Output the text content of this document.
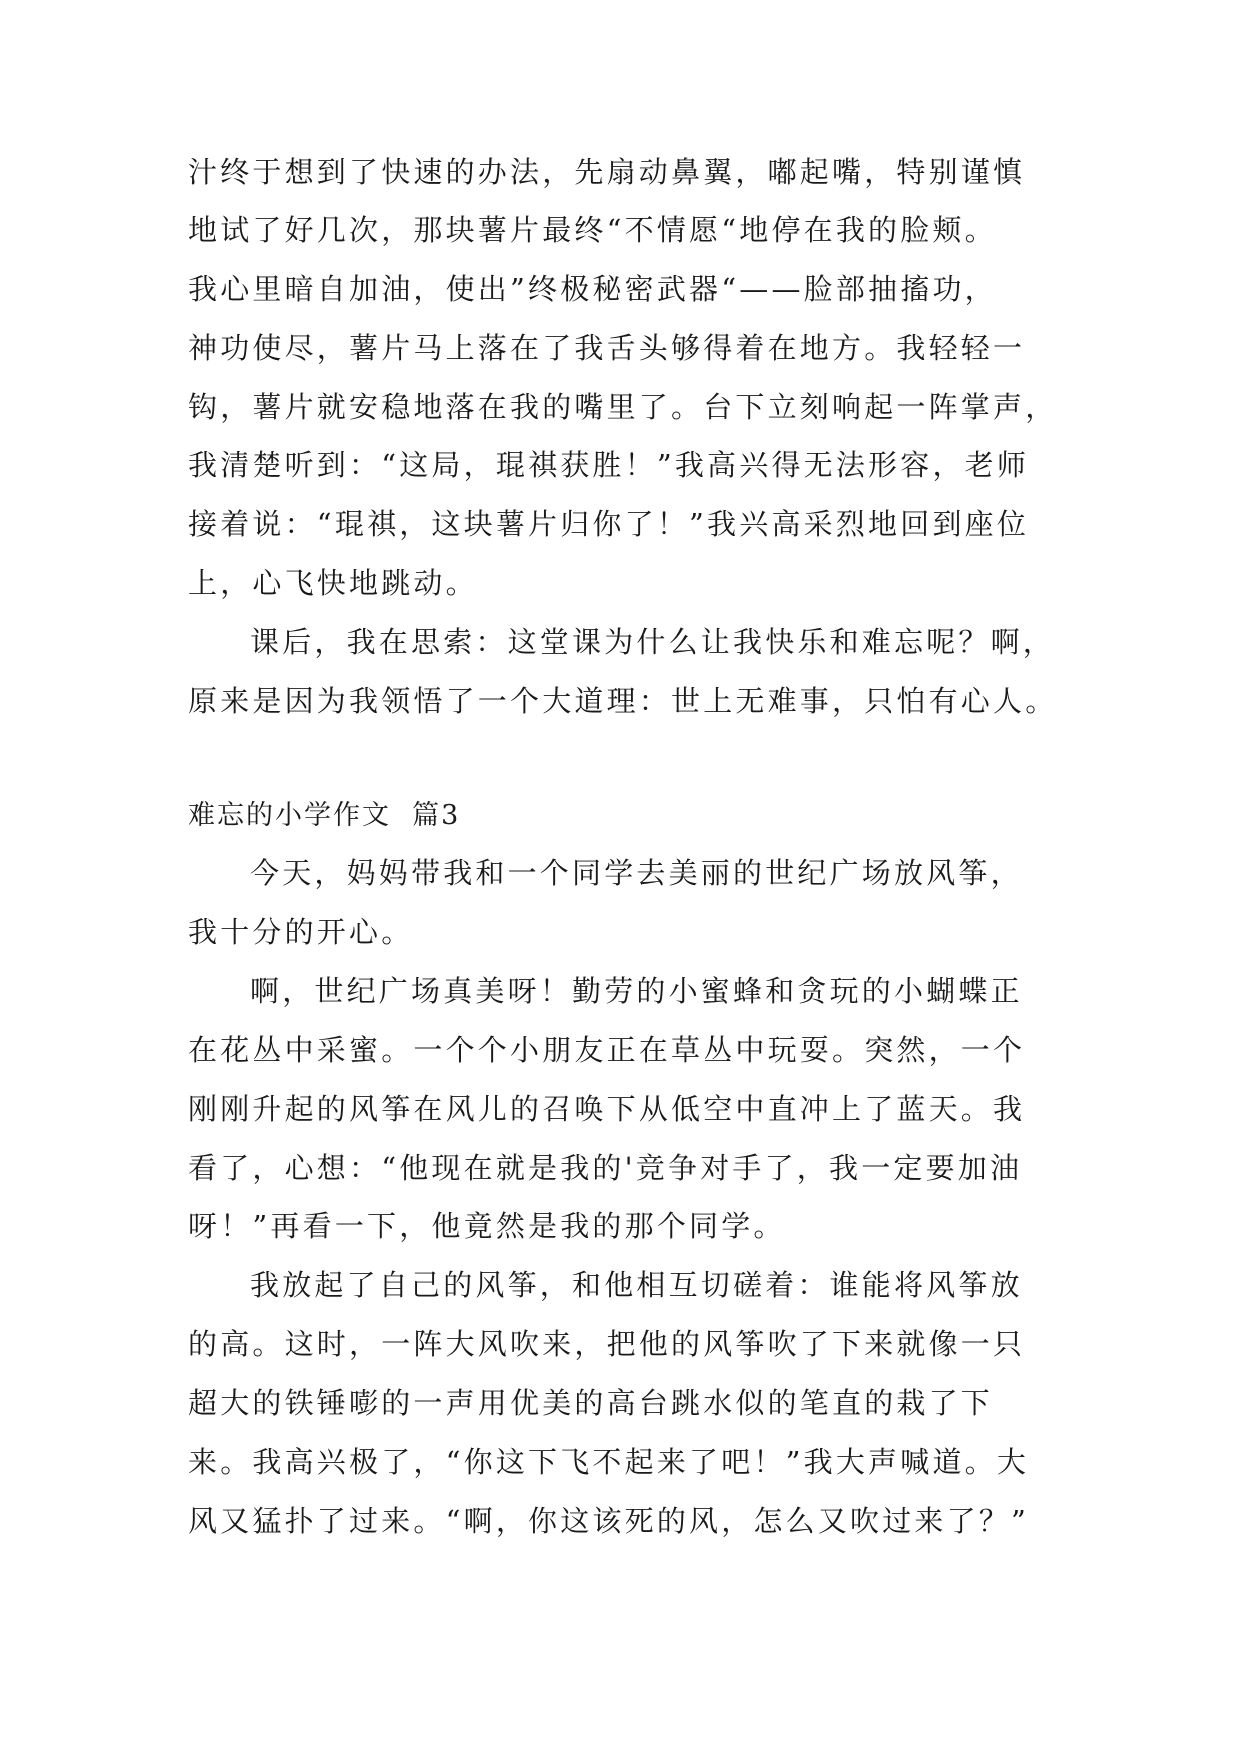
汁终于想到了快速的办法，先扇动鼻翼，嘟起嘴，特别谨慎
地试了好几次，那块薯片最终“不情愿“地停在我的脸颊。
我心里暗自加油，使出”终极秘密武器“——脸部抽搐功，
神功使尽，薯片马上落在了我舌头够得着在地方。我轻轻一
钩，薯片就安稳地落在我的嘴里了。台下立刻响起一阵掌声，
我清楚听到：“这局，琨祺获胜！”我高兴得无法形容，老师
接着说：“琨祺，这块薯片归你了！”我兴高采烈地回到座位
上，心飞快地跳动。
课后，我在思索：这堂课为什么让我快乐和难忘呢？啊，
原来是因为我领悟了一个大道理：世上无难事，只怕有心人。
难忘的小学作文  篇3
今天，妈妈带我和一个同学去美丽的世纪广场放风筝，
我十分的开心。
啊，世纪广场真美呀！勤劳的小蜜蜂和贪玩的小蝴蝶正
在花丛中采蜜。一个个小朋友正在草丛中玩耍。突然，一个
刚刚升起的风筝在风儿的召唤下从低空中直冲上了蓝天。我
看了，心想：“他现在就是我的'竞争对手了，我一定要加油
呀！”再看一下，他竟然是我的那个同学。
我放起了自己的风筝，和他相互切磋着：谁能将风筝放
的高。这时，一阵大风吹来，把他的风筝吹了下来就像一只
超大的铁锤嘭的一声用优美的高台跳水似的笔直的栽了下
来。我高兴极了，“你这下飞不起来了吧！”我大声喊道。大
风又猛扑了过来。“啊，你这该死的风，怎么又吹过来了？”
